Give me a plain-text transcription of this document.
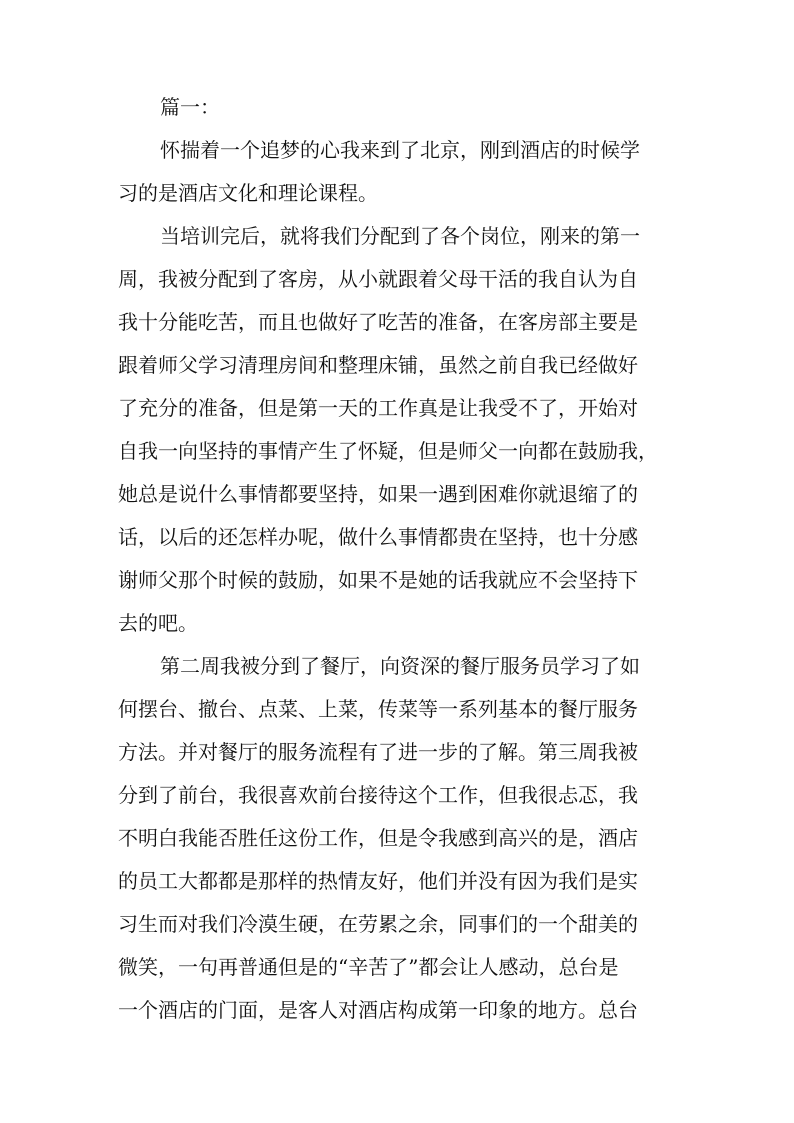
篇一：
怀揣着一个追梦的心我来到了北京，刚到酒店的时候学
习的是酒店文化和理论课程。
当培训完后，就将我们分配到了各个岗位，刚来的第一
周，我被分配到了客房，从小就跟着父母干活的我自认为自
我十分能吃苦，而且也做好了吃苦的准备，在客房部主要是
跟着师父学习清理房间和整理床铺，虽然之前自我已经做好
了充分的准备，但是第一天的工作真是让我受不了，开始对
自我一向坚持的事情产生了怀疑，但是师父一向都在鼓励我，
她总是说什么事情都要坚持，如果一遇到困难你就退缩了的
话，以后的还怎样办呢，做什么事情都贵在坚持，也十分感
谢师父那个时候的鼓励，如果不是她的话我就应不会坚持下
去的吧。
第二周我被分到了餐厅，向资深的餐厅服务员学习了如
何摆台、撤台、点菜、上菜，传菜等一系列基本的餐厅服务
方法。并对餐厅的服务流程有了进一步的了解。第三周我被
分到了前台，我很喜欢前台接待这个工作，但我很忐忑，我
不明白我能否胜任这份工作，但是令我感到高兴的是，酒店
的员工大都都是那样的热情友好，他们并没有因为我们是实
习生而对我们冷漠生硬，在劳累之余，同事们的一个甜美的
微笑，一句再普通但是的“辛苦了”都会让人感动，总台是
一个酒店的门面，是客人对酒店构成第一印象的地方。总台
